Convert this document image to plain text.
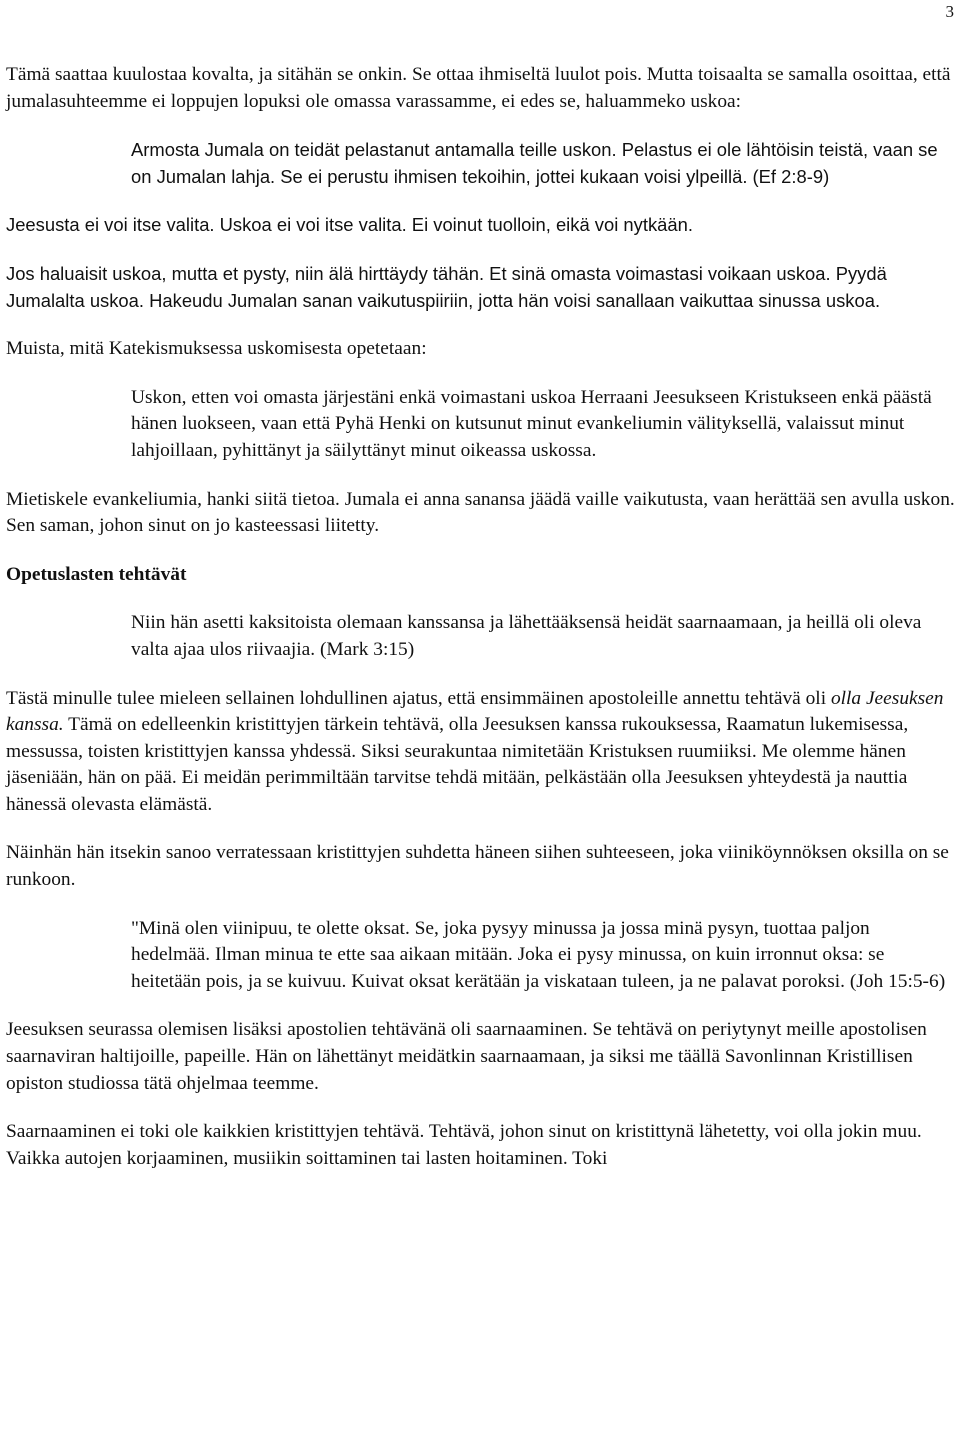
3

Tämä saattaa kuulostaa kovalta, ja sitähän se onkin. Se ottaa ihmiseltä luulot pois. Mutta toisaalta se samalla osoittaa, että jumalasuhteemme ei loppujen lopuksi ole omassa varassamme, ei edes se, haluammeko uskoa:

Armosta Jumala on teidät pelastanut antamalla teille uskon. Pelastus ei ole lähtöisin teistä, vaan se on Jumalan lahja. Se ei perustu ihmisen tekoihin, jottei kukaan voisi ylpeillä. (Ef 2:8-9)

Jeesusta ei voi itse valita. Uskoa ei voi itse valita. Ei voinut tuolloin, eikä voi nytkään.

Jos haluaisit uskoa, mutta et pysty, niin älä hirttäydy tähän. Et sinä omasta voimastasi voikaan uskoa. Pyydä Jumalalta uskoa. Hakeudu Jumalan sanan vaikutuspiiriin, jotta hän voisi sanallaan vaikuttaa sinussa uskoa.

Muista, mitä Katekismuksessa uskomisesta opetetaan:

Uskon, etten voi omasta järjestäni enkä voimastani uskoa Herraani Jeesukseen Kristukseen enkä päästä hänen luokseen, vaan että Pyhä Henki on kutsunut minut evankeliumin välityksellä, valaissut minut lahjoillaan, pyhittänyt ja säilyttänyt minut oikeassa uskossa.

Mietiskele evankeliumia, hanki siitä tietoa. Jumala ei anna sanansa jäädä vaille vaikutusta, vaan herättää sen avulla uskon. Sen saman, johon sinut on jo kasteessasi liitetty.

Opetuslasten tehtävät

Niin hän asetti kaksitoista olemaan kanssansa ja lähettääksensä heidät saarnaamaan, ja heillä oli oleva valta ajaa ulos riivaajia. (Mark 3:15)

Tästä minulle tulee mieleen sellainen lohdullinen ajatus, että ensimmäinen apostoleille annettu tehtävä oli olla Jeesuksen kanssa. Tämä on edelleenkin kristittyjen tärkein tehtävä, olla Jeesuksen kanssa rukouksessa, Raamatun lukemisessa, messussa, toisten kristittyjen kanssa yhdessä. Siksi seurakuntaa nimitetään Kristuksen ruumiiksi. Me olemme hänen jäseniään, hän on pää. Ei meidän perimmiltään tarvitse tehdä mitään, pelkästään olla Jeesuksen yhteydestä ja nauttia hänessä olevasta elämästä.

Näinhän hän itsekin sanoo verratessaan kristittyjen suhdetta häneen siihen suhteeseen, joka viiniköynnöksen oksilla on se runkoon.

"Minä olen viinipuu, te olette oksat. Se, joka pysyy minussa ja jossa minä pysyn, tuottaa paljon hedelmää. Ilman minua te ette saa aikaan mitään. Joka ei pysy minussa, on kuin irronnut oksa: se heitetään pois, ja se kuivuu. Kuivat oksat kerätään ja viskataan tuleen, ja ne palavat poroksi. (Joh 15:5-6)

Jeesuksen seurassa olemisen lisäksi apostolien tehtävänä oli saarnaaminen. Se tehtävä on periytynyt meille apostolisen saarnaviran haltijoille, papeille. Hän on lähettänyt meidätkin saarnaamaan, ja siksi me täällä Savonlinnan Kristillisen opiston studiossa tätä ohjelmaa teemme.

Saarnaaminen ei toki ole kaikkien kristittyjen tehtävä. Tehtävä, johon sinut on kristittynä lähetetty, voi olla jokin muu. Vaikka autojen korjaaminen, musiikin soittaminen tai lasten hoitaminen. Toki
